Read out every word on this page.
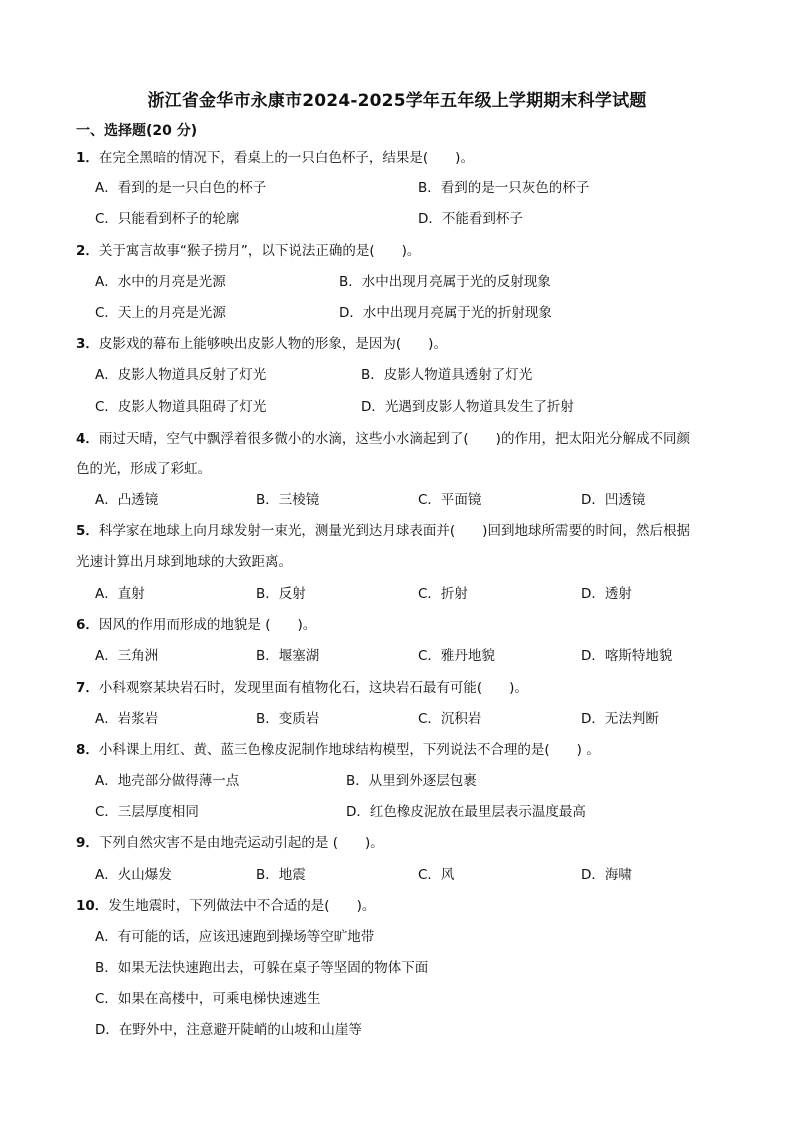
浙江省金华市永康市2024-2025学年五年级上学期期末科学试题
一、选择题(20 分)
1．在完全黑暗的情况下，看桌上的一只白色杯子，结果是(　　)。
A．看到的是一只白色的杯子	B．看到的是一只灰色的杯子
C．只能看到杯子的轮廓	D．不能看到杯子
2．关于寓言故事“猴子捞月”，以下说法正确的是(　　)。
A．水中的月亮是光源	B．水中出现月亮属于光的反射现象
C．天上的月亮是光源	D．水中出现月亮属于光的折射现象
3．皮影戏的幕布上能够映出皮影人物的形象，是因为(　　)。
A．皮影人物道具反射了灯光	B．皮影人物道具透射了灯光
C．皮影人物道具阻碍了灯光	D．光遇到皮影人物道具发生了折射
4．雨过天晴，空气中飘浮着很多微小的水滴，这些小水滴起到了(　　)的作用，把太阳光分解成不同颜
色的光，形成了彩虹。
A．凸透镜	B．三棱镜	C．平面镜	D．凹透镜
5．科学家在地球上向月球发射一束光，测量光到达月球表面并(　　)回到地球所需要的时间，然后根据
光速计算出月球到地球的大致距离。
A．直射	B．反射	C．折射	D．透射
6．因风的作用而形成的地貌是 (　　)。
A．三角洲	B．堰塞湖	C．雅丹地貌	D．喀斯特地貌
7．小科观察某块岩石时，发现里面有植物化石，这块岩石最有可能(　　)。
A．岩浆岩	B．变质岩	C．沉积岩	D．无法判断
8．小科课上用红、黄、蓝三色橡皮泥制作地球结构模型，下列说法不合理的是(　　) 。
A．地壳部分做得薄一点	B．从里到外逐层包裹
C．三层厚度相同	D．红色橡皮泥放在最里层表示温度最高
9．下列自然灾害不是由地壳运动引起的是 (　　)。
A．火山爆发	B．地震	C．风	D．海啸
10．发生地震时，下列做法中不合适的是(　　)。
A．有可能的话，应该迅速跑到操场等空旷地带
B．如果无法快速跑出去，可躲在桌子等坚固的物体下面
C．如果在高楼中，可乘电梯快速逃生
D．在野外中，注意避开陡峭的山坡和山崖等
